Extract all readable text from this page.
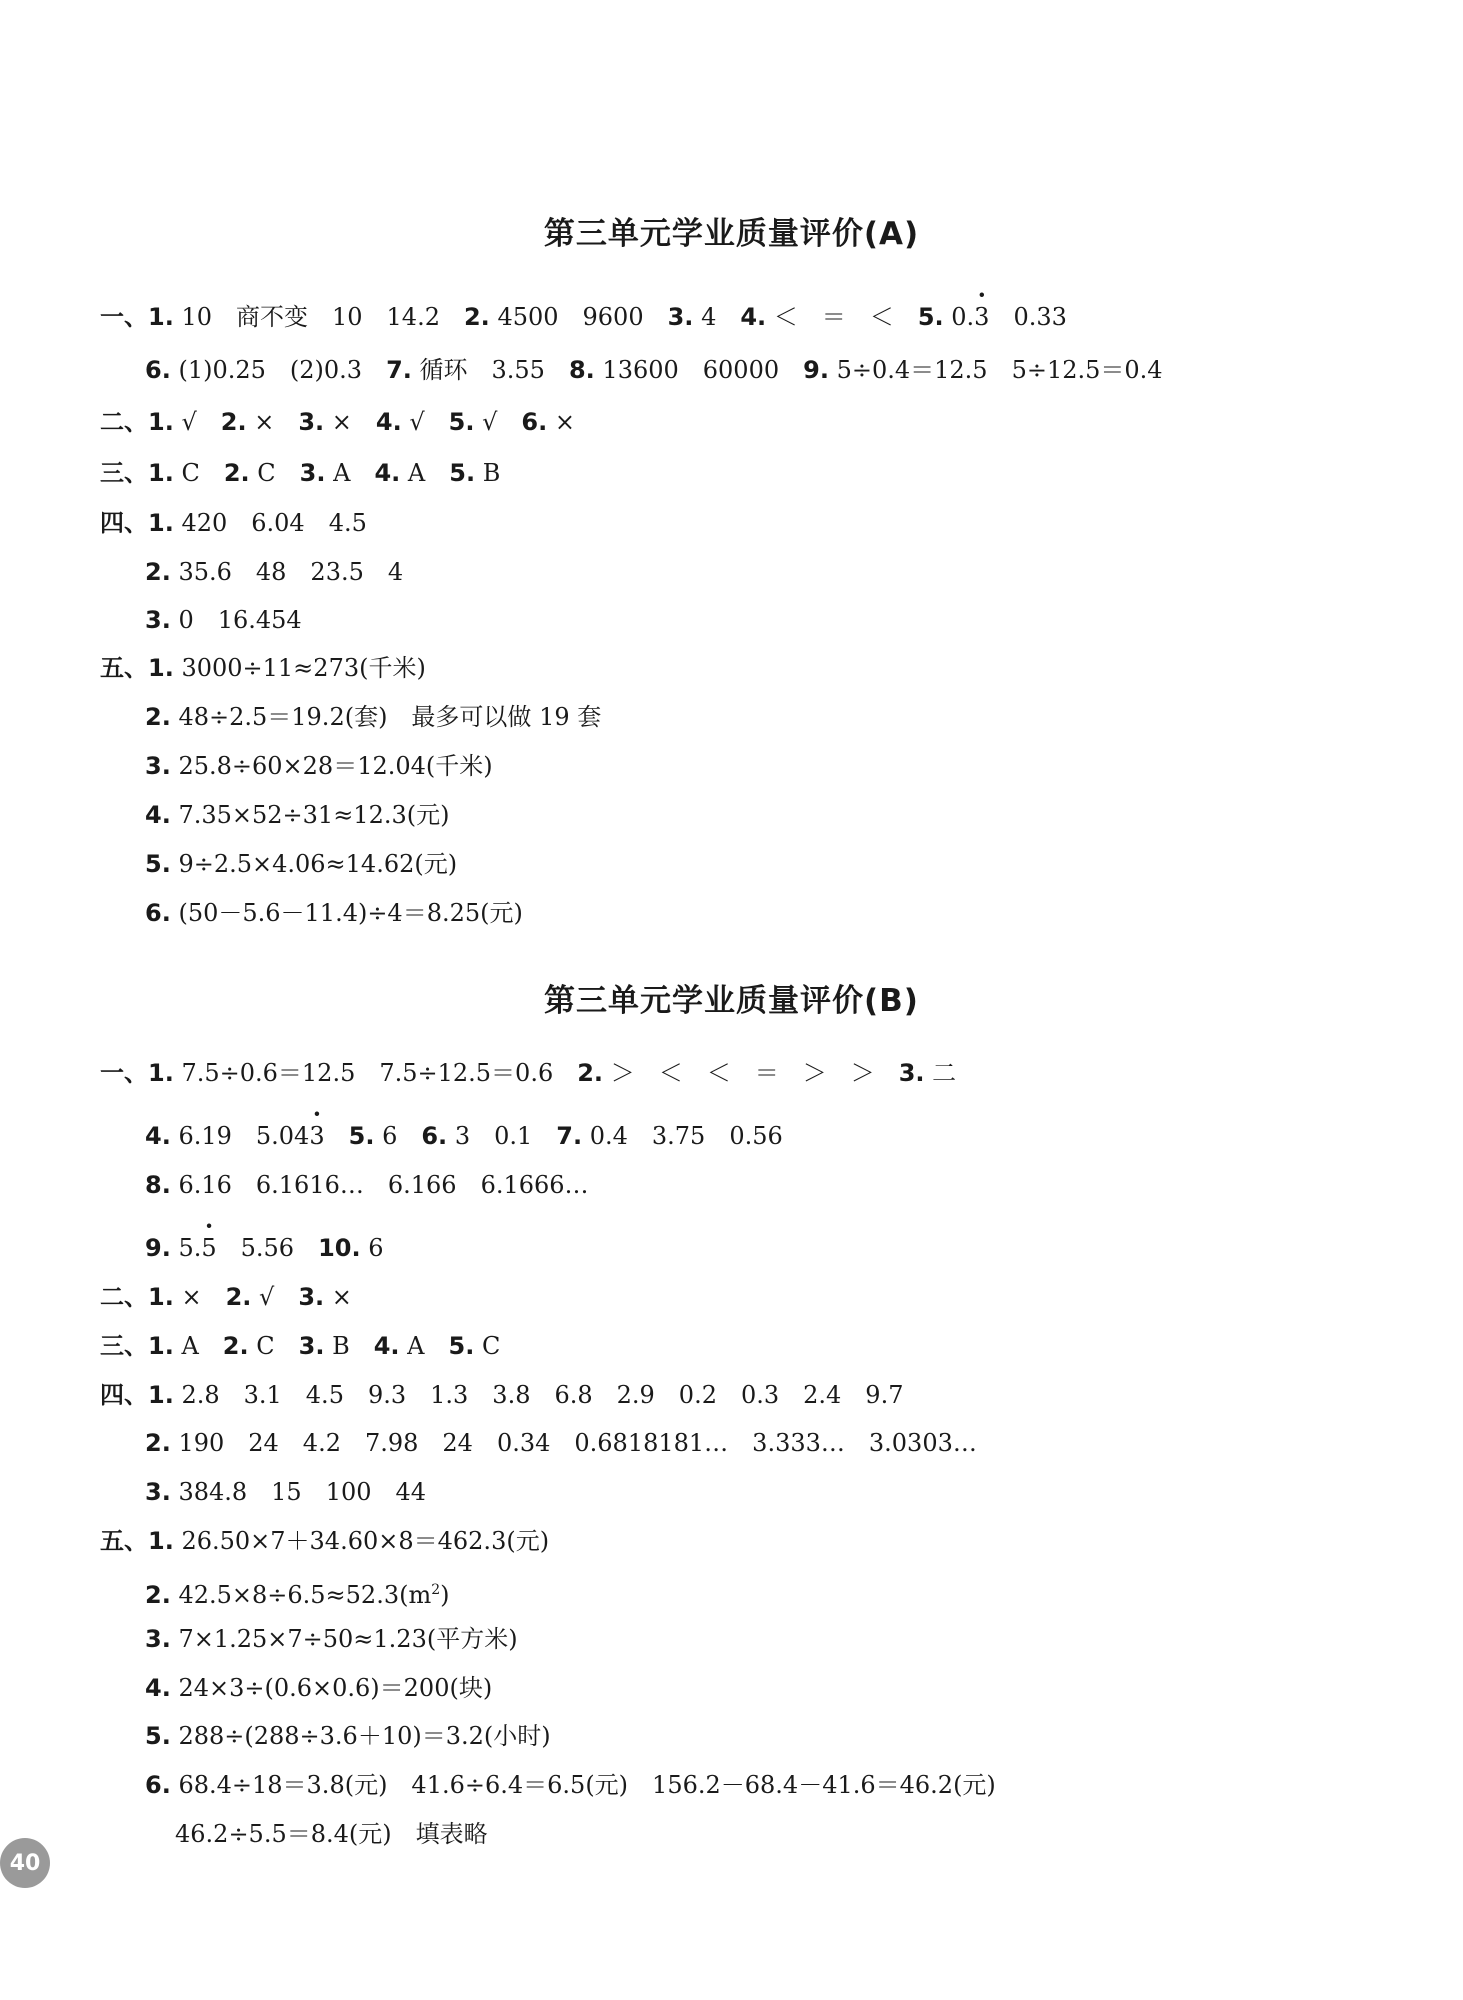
第三单元学业质量评价(A)
一、1. 10　商不变　10　14.2　2. 4500　9600　3. 4　4. ＜　＝　＜　5. 0.· 3　0.33
6. (1)0.25　(2)0.3　7. 循环　3.55　8. 13600　60000　9. 5÷0.4＝12.5　5÷12.5＝0.4
二、1. √　2. ×　3. ×　4. √　5. √　6. ×
三、1. C　2. C　3. A　4. A　5. B
四、1. 420　6.04　4.5
2. 35.6　48　23.5　4
3. 0　16.454
五、1. 3000÷11≈273(千米)
2. 48÷2.5＝19.2(套)　最多可以做 19 套
3. 25.8÷60×28＝12.04(千米)
4. 7.35×52÷31≈12.3(元)
5. 9÷2.5×4.06≈14.62(元)
6. (50－5.6－11.4)÷4＝8.25(元)
第三单元学业质量评价(B)
一、1. 7.5÷0.6＝12.5　7.5÷12.5＝0.6　2. ＞　＜　＜　＝　＞　＞　3. 二
4. 6.19　5.04· 3　 5. 6　6. 3　0.1　7. 0.4　3.75　0.56
8. 6.16　6.1616…　6.166　6.1666…
9. 5.· 5　5.56　10. 6
二、1. ×　2. √　3. ×
三、1. A　2. C　3. B　4. A　5. C
四、1. 2.8　3.1　4.5　9.3　1.3　3.8　6.8　2.9　0.2　0.3　2.4　9.7
2. 190　24　4.2　7.98　24　0.34　0.6818181…　3.333…　3.0303…
3. 384.8　15　100　44
五、1. 26.50×7＋34.60×8＝462.3(元)
2. $42.5\times 8\div 6.5\approx 52.3(m^2)$
3. 7×1.25×7÷50≈1.23(平方米)
4. 24×3÷(0.6×0.6)＝200(块)
5. 288÷(288÷3.6＋10)＝3.2(小时)
6. 68.4÷18＝3.8(元)　41.6÷6.4＝6.5(元)　156.2－68.4－41.6＝46.2(元)
46.2÷5.5＝8.4(元)　填表略
40
